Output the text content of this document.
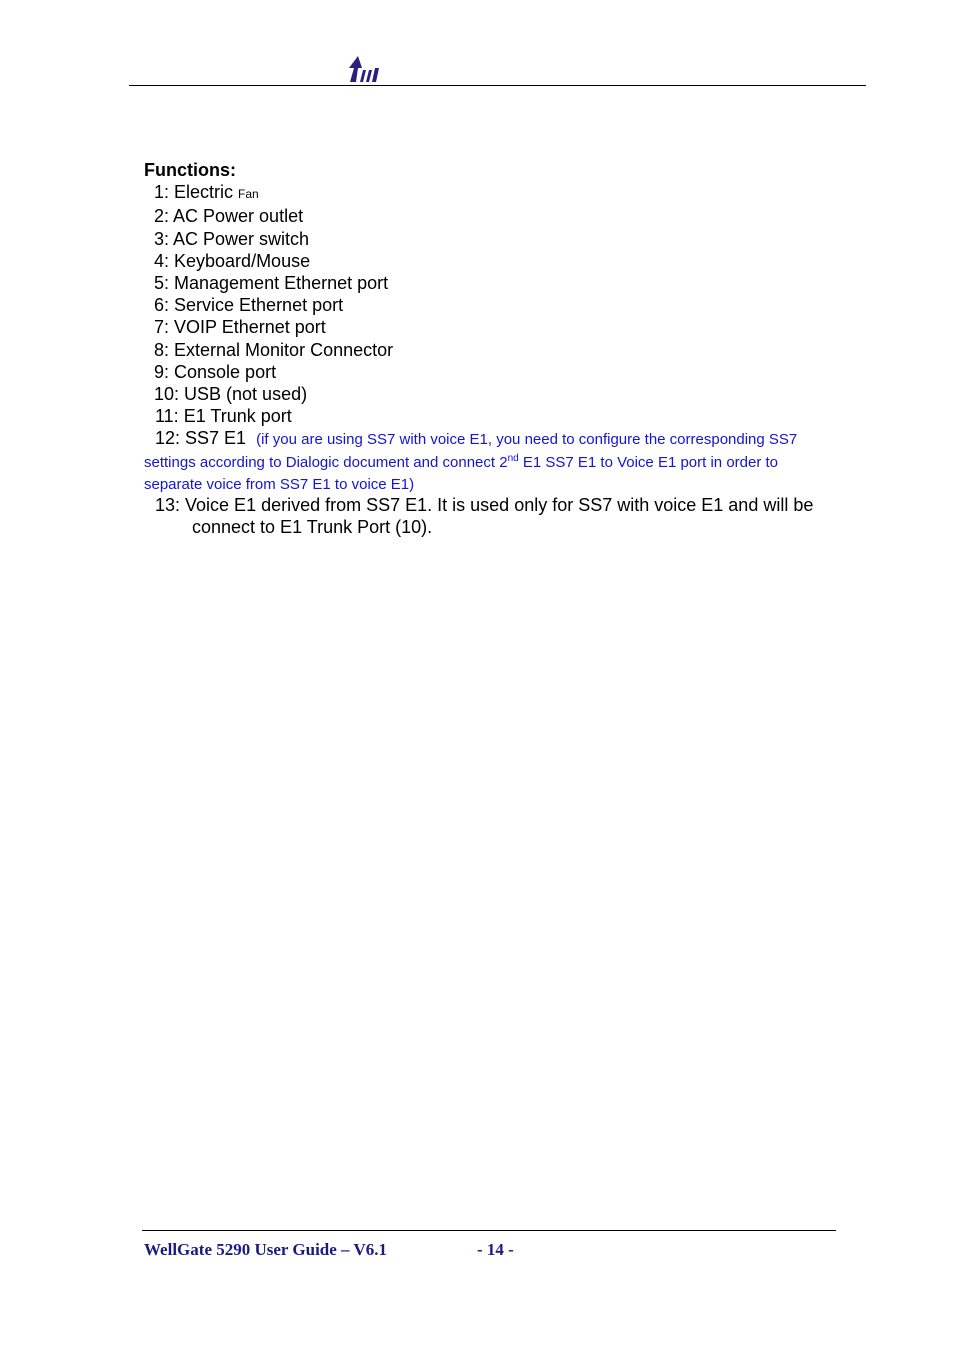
Functions:
1: Electric Fan
2: AC Power outlet
3: AC Power switch
4: Keyboard/Mouse
5: Management Ethernet port
6: Service Ethernet port
7: VOIP Ethernet port
8: External Monitor Connector
9: Console port
10: USB (not used)
11: E1 Trunk port
12: SS7 E1 (if you are using SS7 with voice E1, you need to configure the corresponding SS7 settings according to Dialogic document and connect 2nd E1 SS7 E1 to Voice E1 port in order to separate voice from SS7 E1 to voice E1)
13: Voice E1 derived from SS7 E1. It is used only for SS7 with voice E1 and will be connect to E1 Trunk Port (10).
WellGate 5290 User Guide – V6.1	- 14 -
